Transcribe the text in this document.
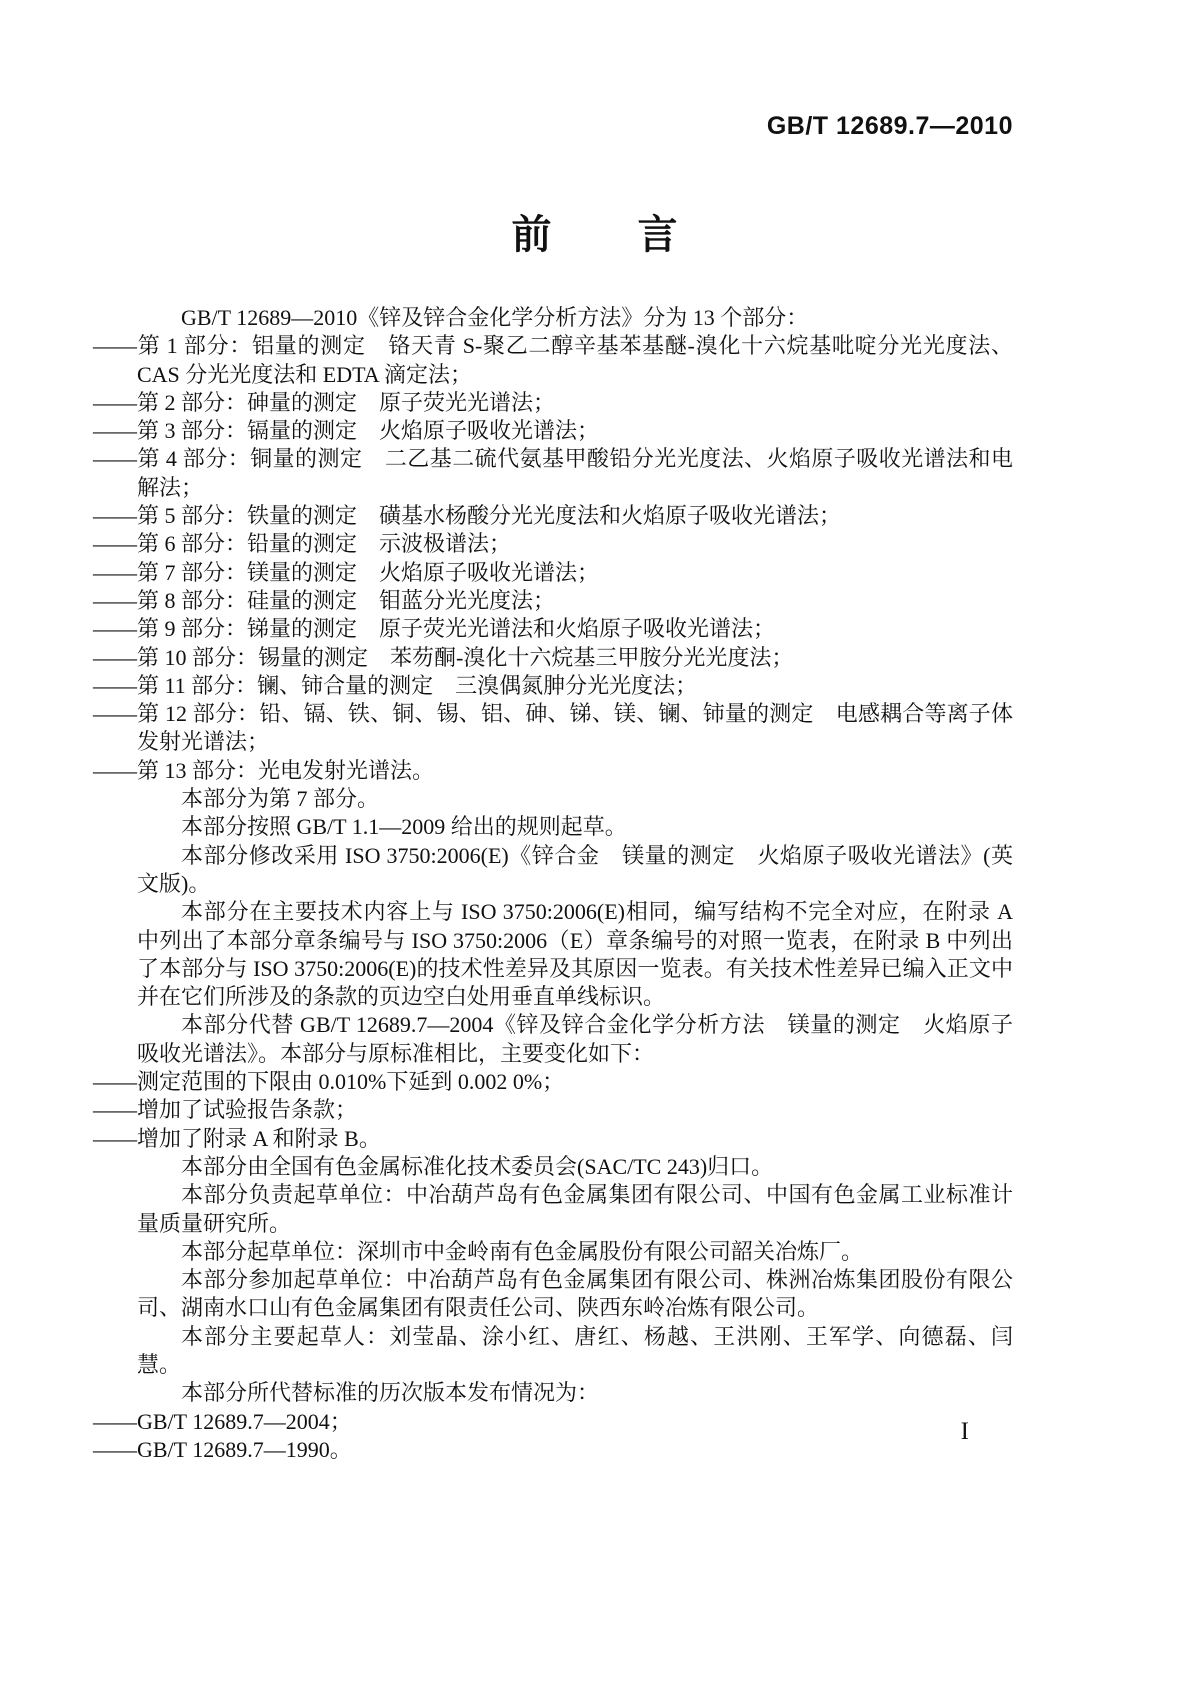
GB/T 12689.7—2010
前　　言

GB/T 12689—2010《锌及锌合金化学分析方法》分为 13 个部分：

——第 1 部分：铝量的测定　铬天青 S-聚乙二醇辛基苯基醚-溴化十六烷基吡啶分光光度法、CAS 分光光度法和 EDTA 滴定法；

——第 2 部分：砷量的测定　原子荧光光谱法；

——第 3 部分：镉量的测定　火焰原子吸收光谱法；

——第 4 部分：铜量的测定　二乙基二硫代氨基甲酸铅分光光度法、火焰原子吸收光谱法和电解法；

——第 5 部分：铁量的测定　磺基水杨酸分光光度法和火焰原子吸收光谱法；

——第 6 部分：铅量的测定　示波极谱法；

——第 7 部分：镁量的测定　火焰原子吸收光谱法；

——第 8 部分：硅量的测定　钼蓝分光光度法；

——第 9 部分：锑量的测定　原子荧光光谱法和火焰原子吸收光谱法；

——第 10 部分：锡量的测定　苯芴酮-溴化十六烷基三甲胺分光光度法；

——第 11 部分：镧、铈合量的测定　三溴偶氮胂分光光度法；

——第 12 部分：铅、镉、铁、铜、锡、铝、砷、锑、镁、镧、铈量的测定　电感耦合等离子体　发射光谱法；

——第 13 部分：光电发射光谱法。

本部分为第 7 部分。

本部分按照 GB/T 1.1—2009 给出的规则起草。

本部分修改采用 ISO 3750:2006(E)《锌合金　镁量的测定　火焰原子吸收光谱法》(英文版)。

本部分在主要技术内容上与 ISO 3750:2006(E)相同，编写结构不完全对应，在附录 A 中列出了本部分章条编号与 ISO 3750:2006（E）章条编号的对照一览表，在附录 B 中列出了本部分与 ISO 3750:2006(E)的技术性差异及其原因一览表。有关技术性差异已编入正文中并在它们所涉及的条款的页边空白处用垂直单线标识。

本部分代替 GB/T 12689.7—2004《锌及锌合金化学分析方法　镁量的测定　火焰原子吸收光谱法》。本部分与原标准相比，主要变化如下：

——测定范围的下限由 0.010%下延到 0.002 0%；

——增加了试验报告条款；

——增加了附录 A 和附录 B。

本部分由全国有色金属标准化技术委员会(SAC/TC 243)归口。

本部分负责起草单位：中冶葫芦岛有色金属集团有限公司、中国有色金属工业标准计量质量研究所。

本部分起草单位：深圳市中金岭南有色金属股份有限公司韶关冶炼厂。

本部分参加起草单位：中冶葫芦岛有色金属集团有限公司、株洲冶炼集团股份有限公司、湖南水口山有色金属集团有限责任公司、陕西东岭冶炼有限公司。

本部分主要起草人：刘莹晶、涂小红、唐红、杨越、王洪刚、王军学、向德磊、闫慧。

本部分所代替标准的历次版本发布情况为：

——GB/T 12689.7—2004；

——GB/T 12689.7—1990。

I
